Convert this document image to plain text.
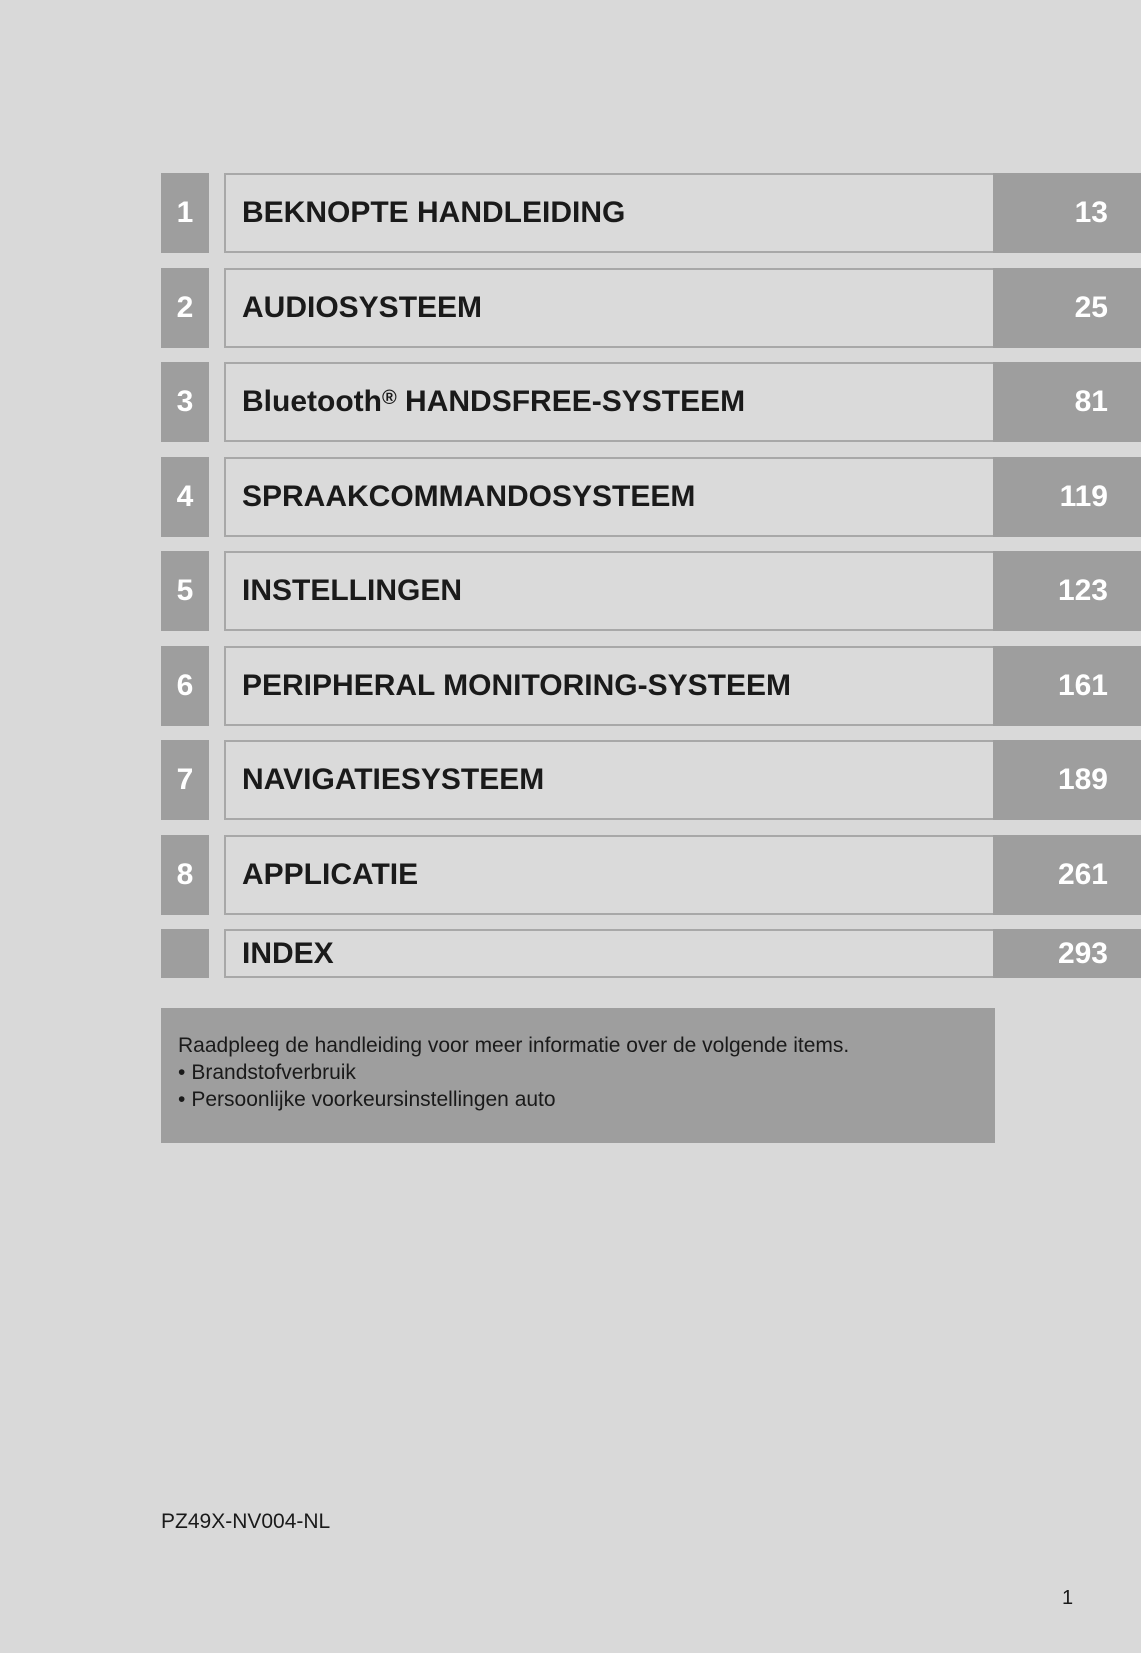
1	BEKNOPTE HANDLEIDING	13
2	AUDIOSYSTEEM	25
3	Bluetooth® HANDSFREE-SYSTEEM	81
4	SPRAAKCOMMANDOSYSTEEM	119
5	INSTELLINGEN	123
6	PERIPHERAL MONITORING-SYSTEEM	161
7	NAVIGATIESYSTEEM	189
8	APPLICATIE	261
INDEX	293

Raadpleeg de handleiding voor meer informatie over de volgende items.

• Brandstofverbruik
• Persoonlijke voorkeursinstellingen auto
PZ49X-NV004-NL
1
